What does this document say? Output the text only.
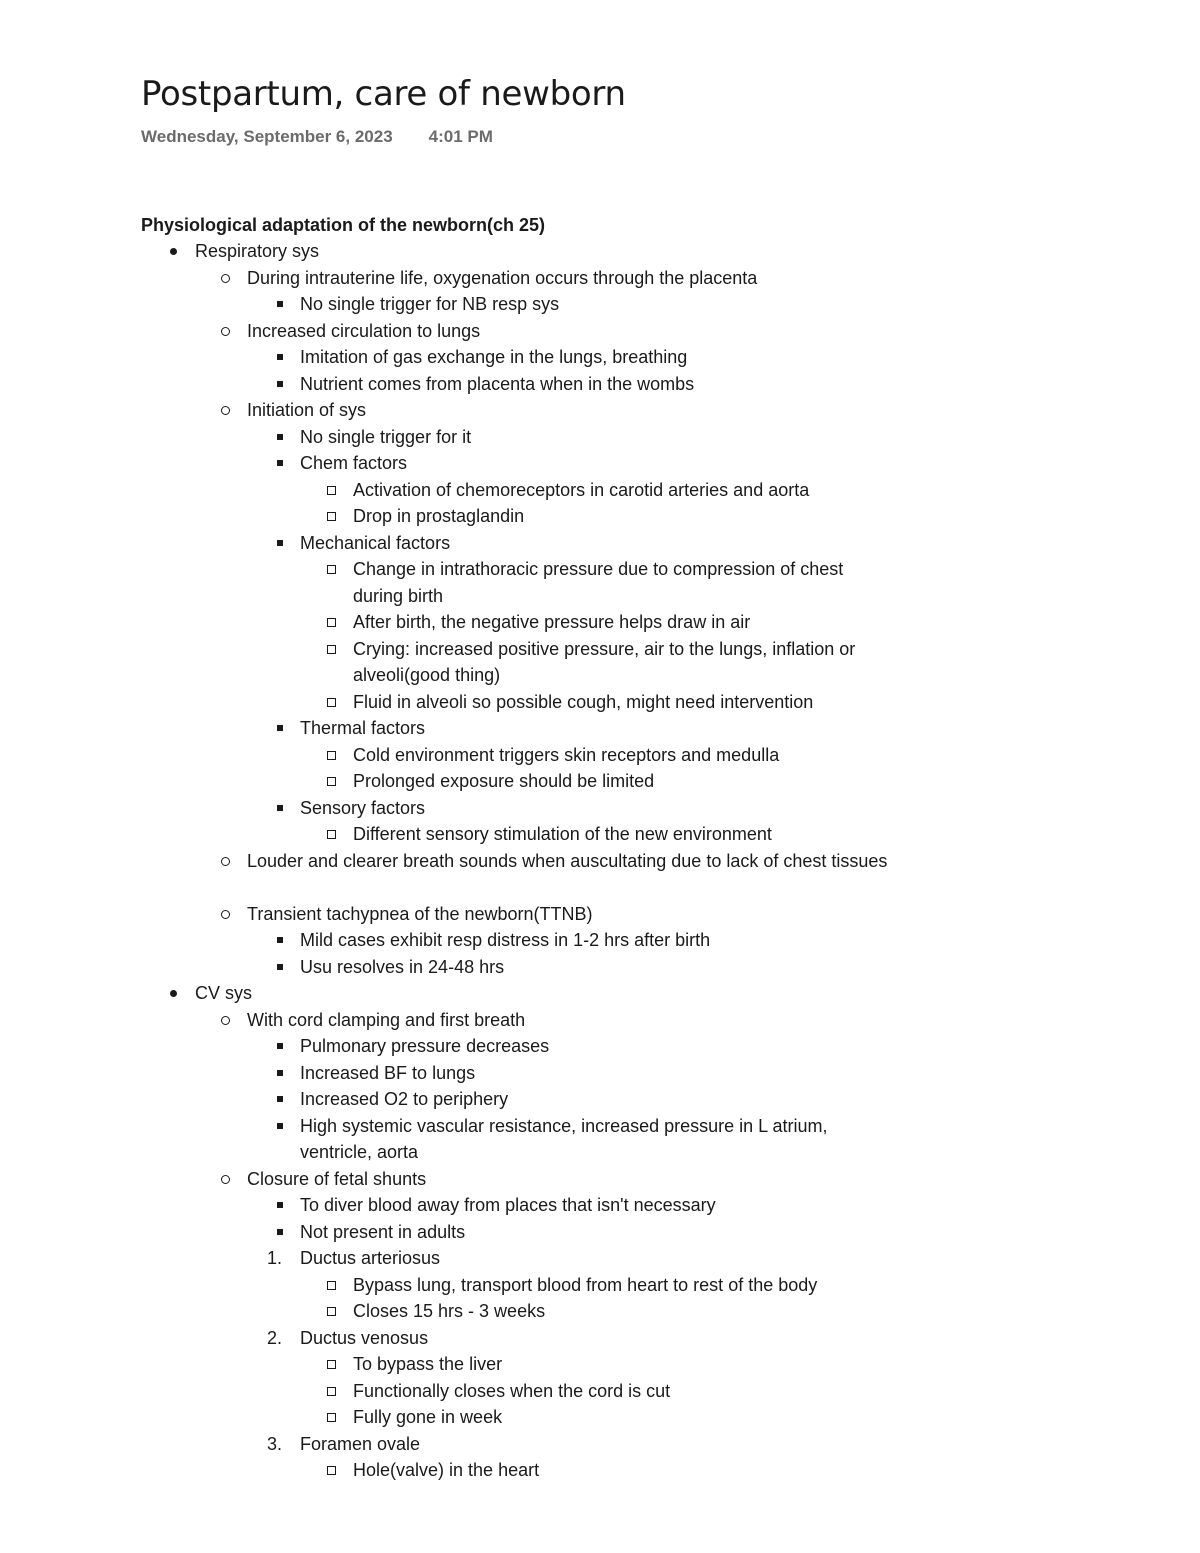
Postpartum, care of newborn
Wednesday, September 6, 2023 4:01 PM
Physiological adaptation of the newborn(ch 25)
Respiratory sys
During intrauterine life, oxygenation occurs through the placenta
No single trigger for NB resp sys
Increased circulation to lungs
Imitation of gas exchange in the lungs, breathing
Nutrient comes from placenta when in the wombs
Initiation of sys
No single trigger for it
Chem factors
Activation of chemoreceptors in carotid arteries and aorta
Drop in prostaglandin
Mechanical factors
Change in intrathoracic pressure due to compression of chest during birth
After birth, the negative pressure helps draw in air
Crying: increased positive pressure, air to the lungs, inflation or alveoli(good thing)
Fluid in alveoli so possible cough, might need intervention
Thermal factors
Cold environment triggers skin receptors and medulla
Prolonged exposure should be limited
Sensory factors
Different sensory stimulation of the new environment
Louder and clearer breath sounds when auscultating due to lack of chest tissues
Transient tachypnea of the newborn(TTNB)
Mild cases exhibit resp distress in 1-2 hrs after birth
Usu resolves in 24-48 hrs
CV sys
With cord clamping and first breath
Pulmonary pressure decreases
Increased BF to lungs
Increased O2 to periphery
High systemic vascular resistance, increased pressure in L atrium, ventricle, aorta
Closure of fetal shunts
To diver blood away from places that isn't necessary
Not present in adults
1. Ductus arteriosus
Bypass lung, transport blood from heart to rest of the body
Closes 15 hrs - 3 weeks
2. Ductus venosus
To bypass the liver
Functionally closes when the cord is cut
Fully gone in week
3. Foramen ovale
Hole(valve) in the heart
